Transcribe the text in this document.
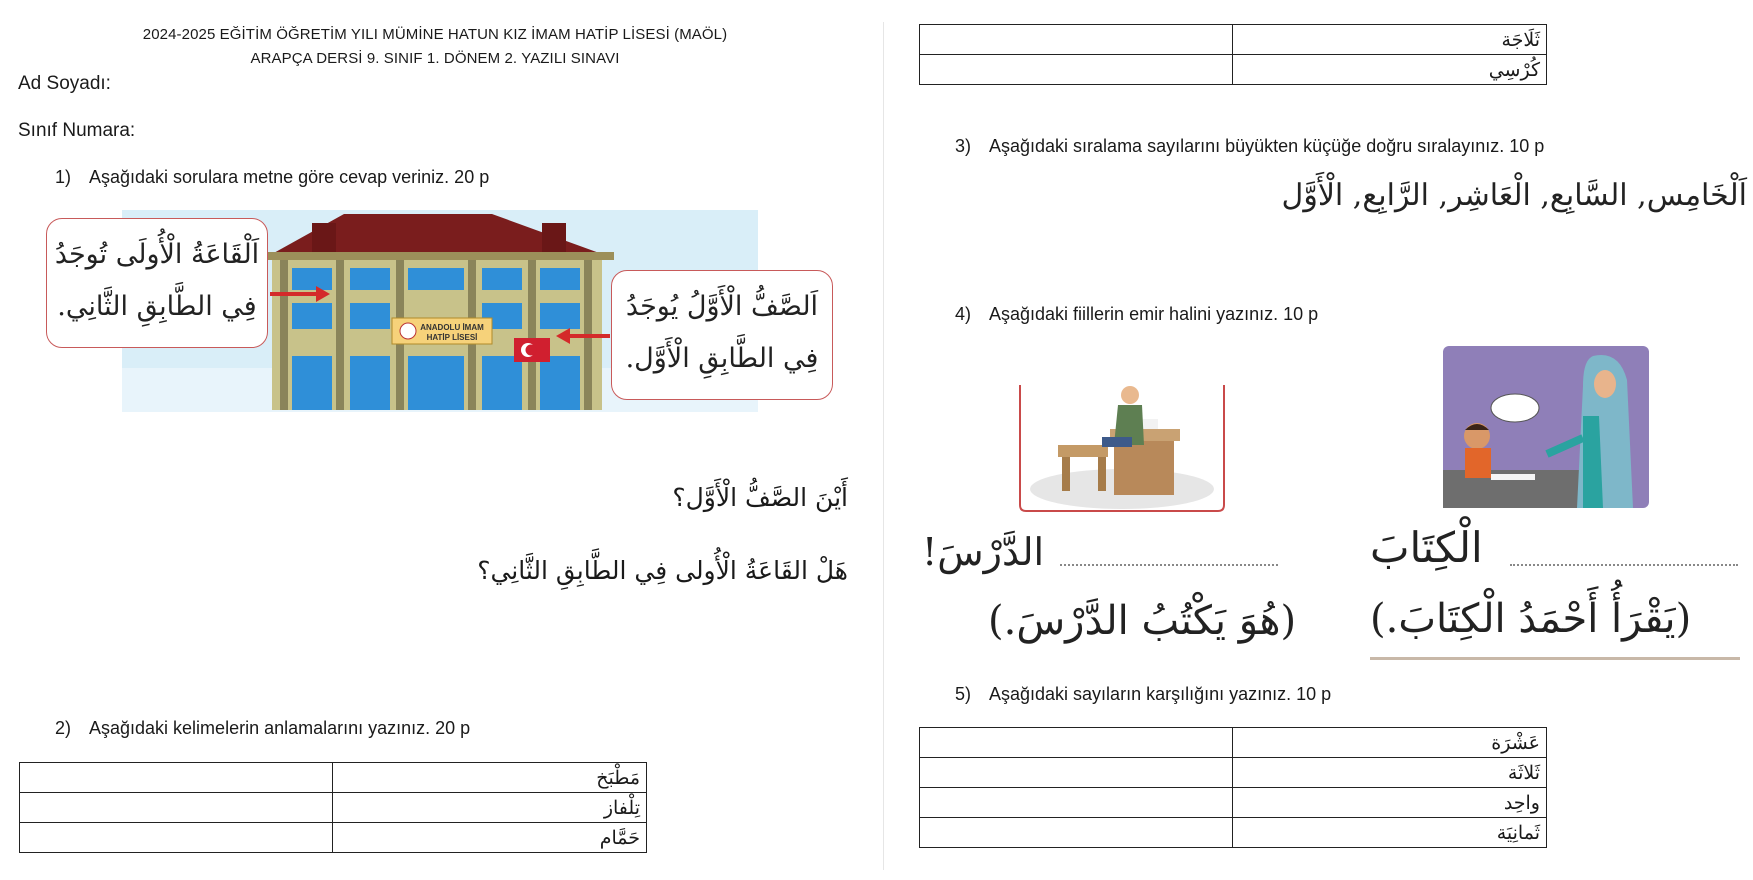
2024-2025 EĞİTİM ÖĞRETİM YILI MÜMİNE HATUN KIZ İMAM HATİP LİSESİ (MAÖL)
ARAPÇA DERSİ 9. SINIF 1. DÖNEM 2. YAZILI SINAVI
Ad Soyadı:
Sınıf Numara:
1) Aşağıdaki sorulara metne göre cevap veriniz. 20 p
ANADOLU İMAM
HATİP LİSESİ
اَلْقَاعَةُ الْأُولَى تُوجَدُ
فِي الطَّابِقِ الثَّانِي.	اَلصَّفُّ الْأَوَّلُ يُوجَدُ
فِي الطَّابِقِ الْأَوَّل.
أَيْنَ الصَّفُّ الْأَوَّل؟
هَلْ القَاعَةُ الْأُولى فِي الطَّابِقِ الثَّانِي؟
2) Aşağıdaki kelimelerin anlamalarını yazınız. 20 p
	مَطْبَخ
	تِلْفاز
	حَمَّام
	ثَلَاجَة
	كُرْسِي
3) Aşağıdaki sıralama sayılarını büyükten küçüğe doğru sıralayınız. 10 p
اَلْخَامِس, السَّابِع, الْعَاشِر, الرَّابِع, الْأَوَّل
4) Aşağıdaki fiillerin emir halini yazınız. 10 p
الدَّرْسَ!
(هُوَ يَكْتُبُ الدَّرْسَ.)
الْكِتَابَ
(يَقْرَأُ أَحْمَدُ الْكِتَابَ.)
5) Aşağıdaki sayıların karşılığını yazınız. 10 p
	عَشْرَة
	ثَلاثَة
	واحِد
	ثَمانِيَة
